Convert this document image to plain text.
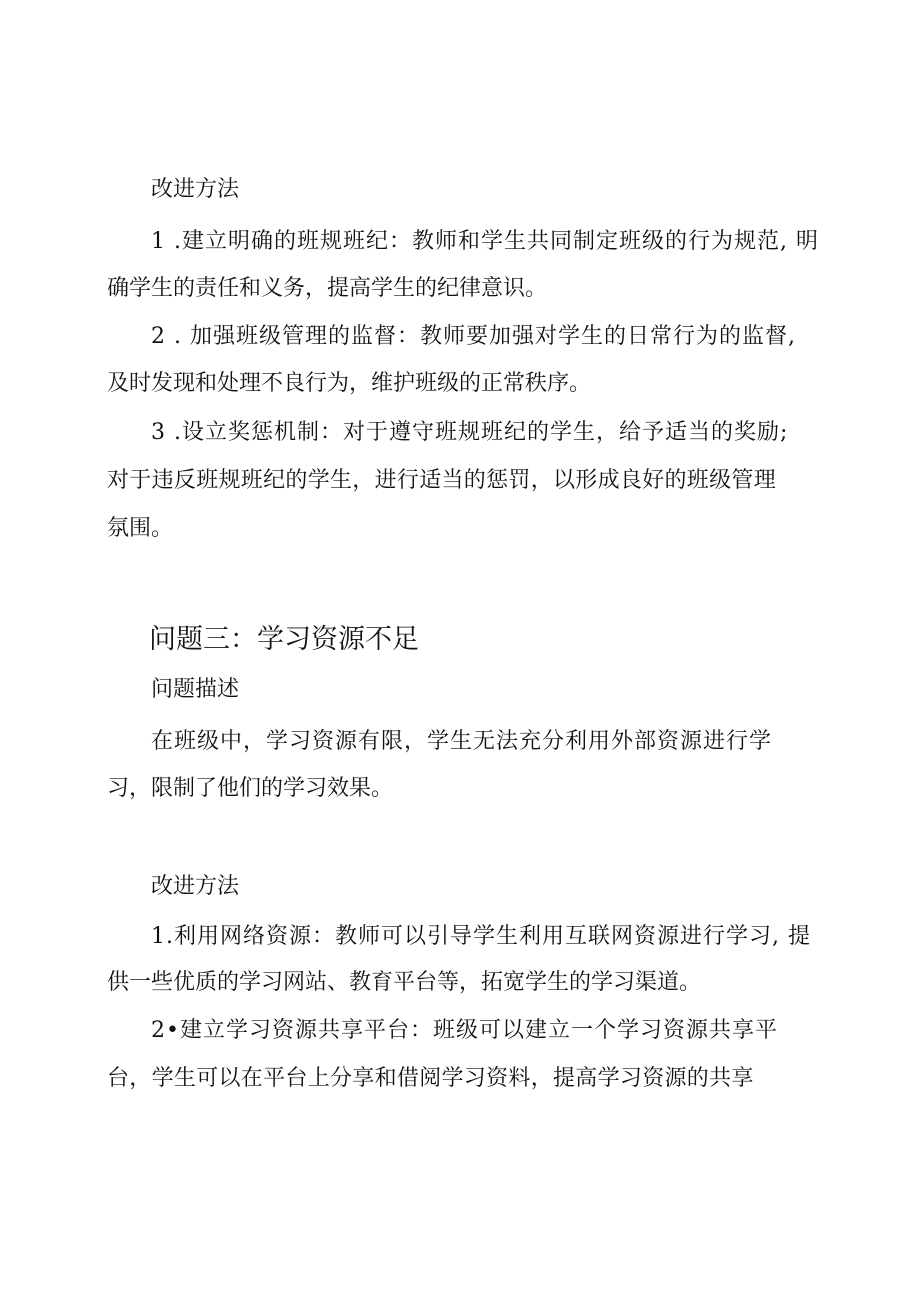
改进方法
1 .建立明确的班规班纪：教师和学生共同制定班级的行为规范, 明
确学生的责任和义务，提高学生的纪律意识。
2 . 加强班级管理的监督：教师要加强对学生的日常行为的监督,
及时发现和处理不良行为，维护班级的正常秩序。
3 .设立奖惩机制：对于遵守班规班纪的学生，给予适当的奖励;
对于违反班规班纪的学生，进行适当的惩罚，以形成良好的班级管理
氛围。
问题三：学习资源不足
问题描述
在班级中，学习资源有限，学生无法充分利用外部资源进行学
习，限制了他们的学习效果。
改进方法
1.利用网络资源：教师可以引导学生利用互联网资源进行学习, 提
供一些优质的学习网站、教育平台等，拓宽学生的学习渠道。
2•建立学习资源共享平台：班级可以建立一个学习资源共享平
台，学生可以在平台上分享和借阅学习资料，提高学习资源的共享
